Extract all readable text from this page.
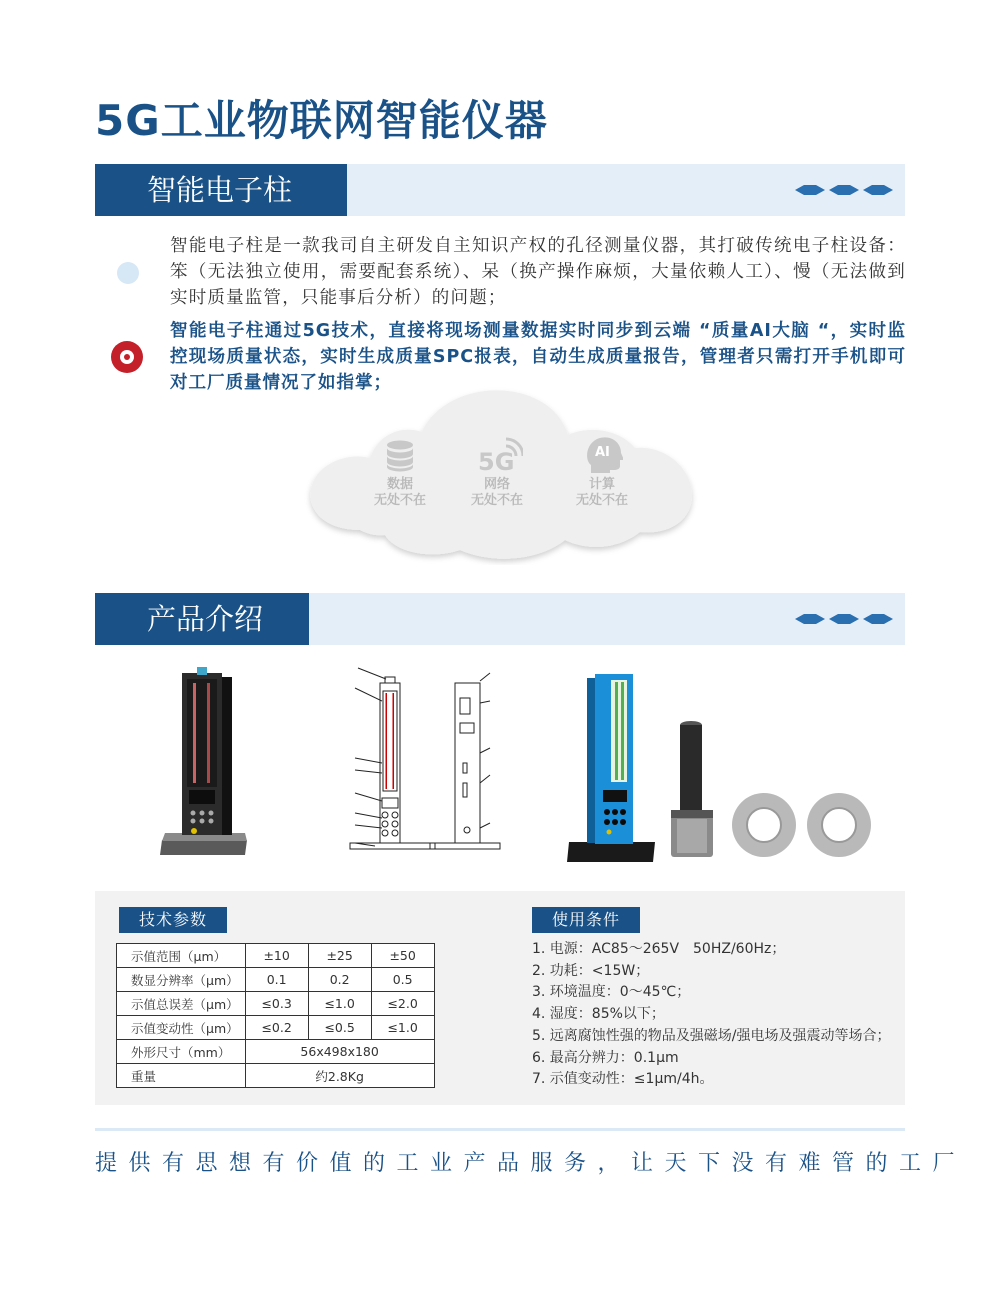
5G工业物联网智能仪器
智能电子柱
智能电子柱是一款我司自主研发自主知识产权的孔径测量仪器，其打破传统电子柱设备：笨（无法独立使用，需要配套系统）、呆（换产操作麻烦，大量依赖人工）、慢（无法做到实时质量监管，只能事后分析）的问题；
智能电子柱通过5G技术，直接将现场测量数据实时同步到云端 “质量AI大脑 “，实时监控现场质量状态，实时生成质量SPC报表，自动生成质量报告，管理者只需打开手机即可对工厂质量情况了如指掌；
数据
无处不在
5G
网络
无处不在
AI
计算
无处不在
产品介绍
技术参数
示值范围（μm）	±10	±25	±50
数显分辨率（μm）	0.1	0.2	0.5
示值总误差（μm）	≤0.3	≤1.0	≤2.0
示值变动性（μm）	≤0.2	≤0.5	≤1.0
外形尺寸（mm）	56x498x180		
重量	约2.8Kg		
使用条件
1. 电源：AC85～265V　50HZ/60Hz；
2. 功耗：<15W；
3. 环境温度：0～45℃；
4. 湿度：85%以下；
5. 远离腐蚀性强的物品及强磁场/强电场及强震动等场合；
6. 最高分辨力：0.1μm
7. 示值变动性：≤1μm/4h。
提供有思想有价值的工业产品服务，让天下没有难管的工厂
